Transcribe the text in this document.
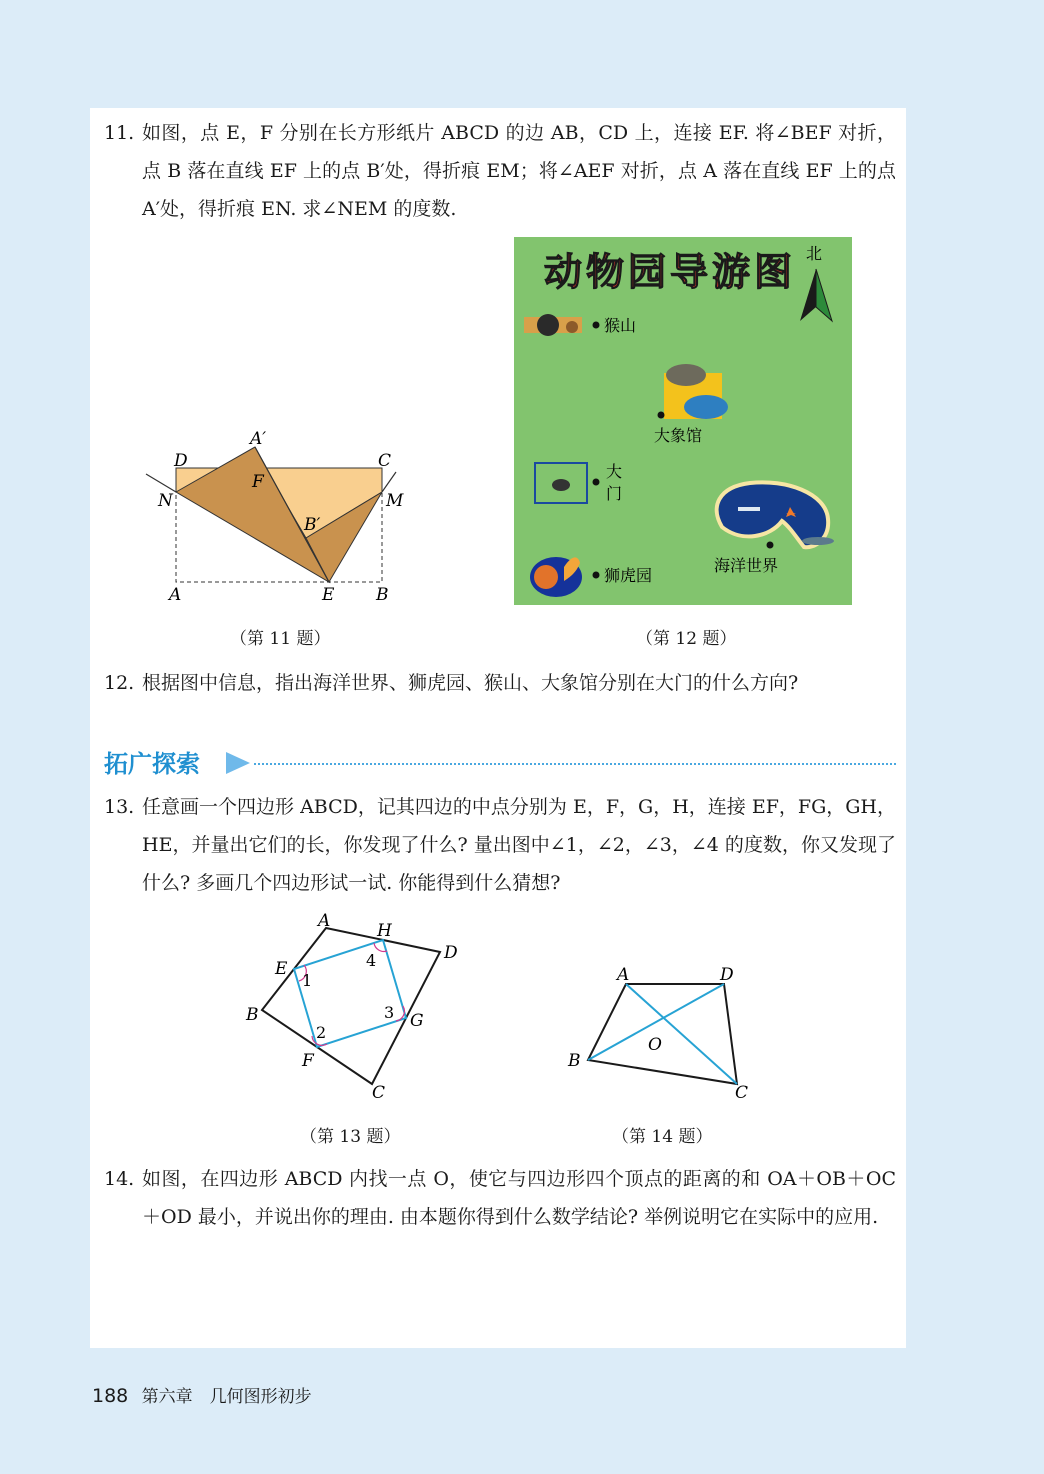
11. 如图，点 E，F 分别在长方形纸片 ABCD 的边 AB，CD 上，连接 EF. 将∠BEF 对折，点 B 落在直线 EF 上的点 B′处，得折痕 EM；将∠AEF 对折，点 A 落在直线 EF 上的点 A′处，得折痕 EN. 求∠NEM 的度数.
D
A′
C
F
N	M
B′
A	E B
（第 11 题）
动物园导游图 北
猴山
大象馆
大
门
海洋世界
狮虎园
（第 12 题）
12. 根据图中信息，指出海洋世界、狮虎园、猴山、大象馆分别在大门的什么方向?
拓广探索
13. 任意画一个四边形 ABCD，记其四边的中点分别为 E，F，G，H，连接 EF，FG，GH，HE，并量出它们的长，你发现了什么? 量出图中∠1，∠2，∠3，∠4 的度数，你又发现了什么? 多画几个四边形试一试. 你能得到什么猜想?
A	H
D
E
1
4
B	3 G
2
F
C
（第 13 题）
A	D
O
B
C
（第 14 题）
14. 如图，在四边形 ABCD 内找一点 O，使它与四边形四个顶点的距离的和 OA＋OB＋OC＋OD 最小，并说出你的理由. 由本题你得到什么数学结论? 举例说明它在实际中的应用.
188 第六章　几何图形初步
